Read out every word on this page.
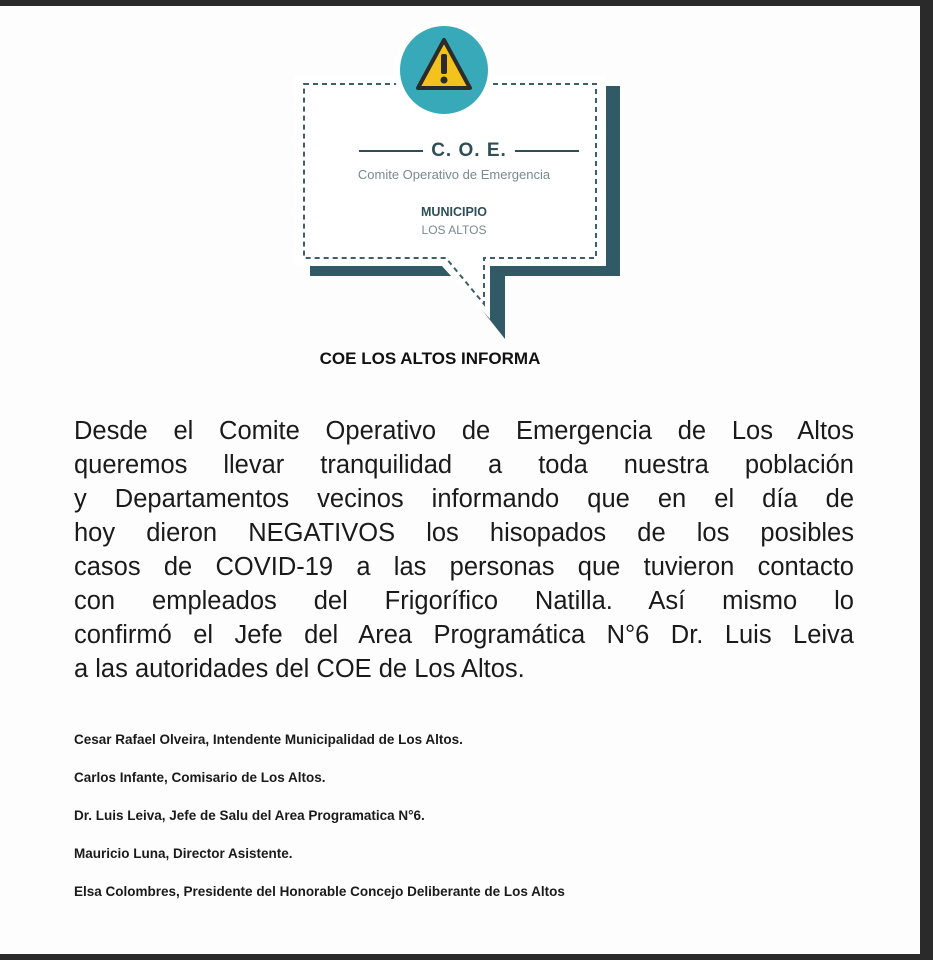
C. O. E.
Comite Operativo de Emergencia
MUNICIPIO
LOS ALTOS
COE LOS ALTOS INFORMA
Desde el Comite Operativo de Emergencia de Los Altos
queremos llevar tranquilidad a toda nuestra población
y Departamentos vecinos informando que en el día de
hoy dieron NEGATIVOS los hisopados de los posibles
casos de COVID-19 a las personas que tuvieron contacto
con empleados del Frigorífico Natilla. Así mismo lo
confirmó el Jefe del Area Programática N°6 Dr. Luis Leiva
a las autoridades del COE de Los Altos.
Cesar Rafael Olveira, Intendente Municipalidad de Los Altos.
Carlos Infante, Comisario de Los Altos.
Dr. Luis Leiva, Jefe de Salu del Area Programatica N°6.
Mauricio Luna, Director Asistente.
Elsa Colombres, Presidente del Honorable Concejo Deliberante de Los Altos
